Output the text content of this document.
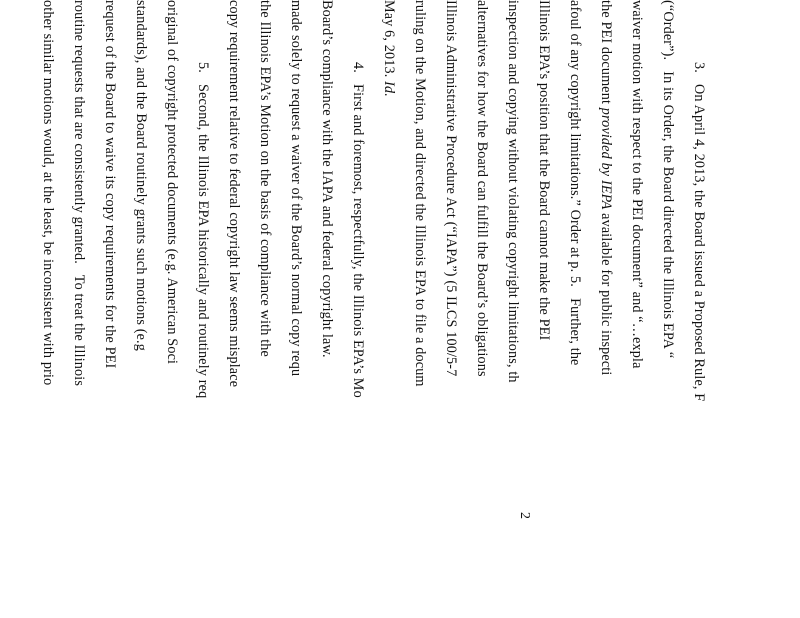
3.   On April 4, 2013, the Board issued a Proposed Rule, F
(“Order”).   In its Order, the Board directed the Illinois EPA “
waiver motion with respect to the PEI document” and “…expla
the PEI document provided by IEPA available for public inspecti
afoul of any copyright limitations.” Order at p. 5.   Further, the
Illinois EPA’s position that the Board cannot make the PEI
inspection and copying without violating copyright limitations, th
alternatives for how the Board can fulfill the Board’s obligations
Illinois Administrative Procedure Act (“IAPA”) (5 ILCS 100/5-7
ruling on the Motion, and directed the Illinois EPA to file a docum
May 6, 2013. Id.
4.   First and foremost, respectfully, the Illinois EPA’s Mo
Board’s compliance with the IAPA and federal copyright law.
made solely to request a waiver of the Board’s normal copy requ
the Illinois EPA’s Motion on the basis of compliance with the
copy requirement relative to federal copyright law seems misplace
5.   Second, the Illinois EPA historically and routinely req
original of copyright protected documents (e.g. American Soci
standards), and the Board routinely grants such motions (e.g
request of the Board to waive its copy requirements for the PEI
routine requests that are consistently granted.   To treat the Illinois
other similar motions would, at the least, be inconsistent with prio
2
